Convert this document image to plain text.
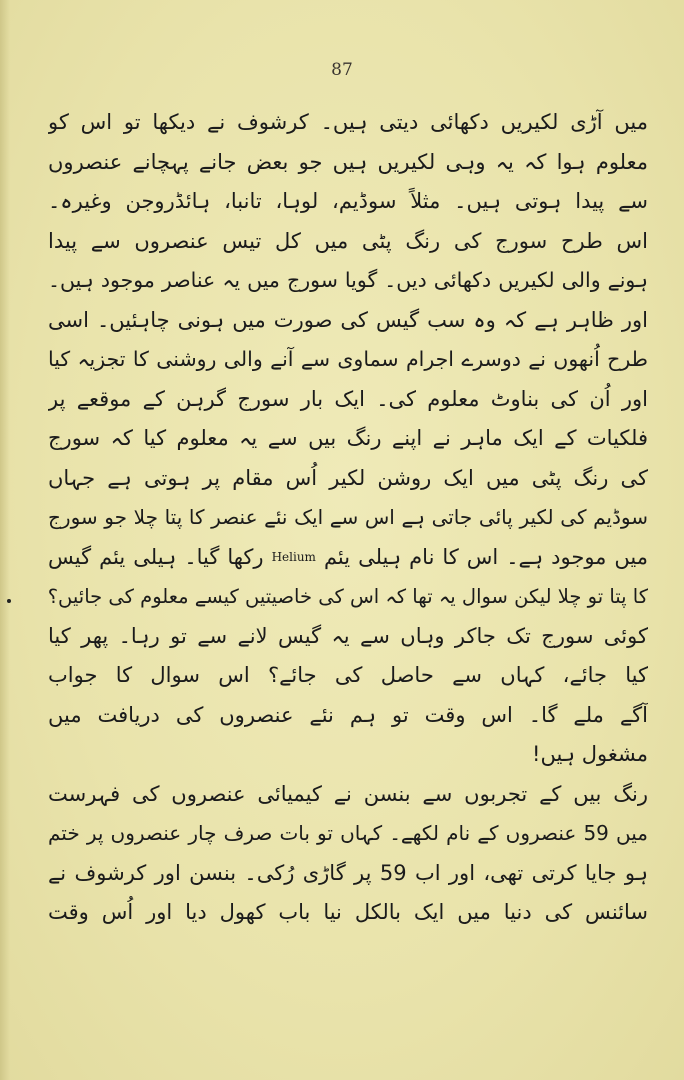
87
میں آڑی لکیریں دکھائی دیتی ہیں۔ کرشوف نے دیکھا تو اس کو
معلوم ہوا کہ یہ وہی لکیریں ہیں جو بعض جانے پہچانے عنصروں
سے پیدا ہوتی ہیں۔ مثلاً سوڈیم، لوہا، تانبا، ہائڈروجن وغیرہ۔
اس طرح سورج کی رنگ پٹی میں کل تیس عنصروں سے پیدا
ہونے والی لکیریں دکھائی دیں۔ گویا سورج میں یہ عناصر موجود ہیں۔
اور ظاہر ہے کہ وہ سب گیس کی صورت میں ہونی چاہئیں۔ اسی
طرح اُنھوں نے دوسرے اجرام سماوی سے آنے والی روشنی کا تجزیہ کیا
اور اُن کی بناوٹ معلوم کی۔ ایک بار سورج گرہن کے موقعے پر
فلکیات کے ایک ماہر نے اپنے رنگ بیں سے یہ معلوم کیا کہ سورج
کی رنگ پٹی میں ایک روشن لکیر اُس مقام پر ہوتی ہے جہاں
سوڈیم کی لکیر پائی جاتی ہے اس سے ایک نئے عنصر کا پتا چلا جو سورج
میں موجود ہے۔ اس کا نام ہیلی یئم Helium رکھا گیا۔ ہیلی یئم گیس
کا پتا تو چلا لیکن سوال یہ تھا کہ اس کی خاصیتیں کیسے معلوم کی جائیں؟
کوئی سورج تک جاکر وہاں سے یہ گیس لانے سے تو رہا۔ پھر کیا
کیا جائے، کہاں سے حاصل کی جائے؟ اس سوال کا جواب
آگے ملے گا۔ اس وقت تو ہم نئے عنصروں کی دریافت میں
مشغول ہیں!
رنگ بیں کے تجربوں سے بنسن نے کیمیائی عنصروں کی فہرست
میں 59 عنصروں کے نام لکھے۔ کہاں تو بات صرف چار عنصروں پر ختم
ہو جایا کرتی تھی، اور اب 59 پر گاڑی رُکی۔ بنسن اور کرشوف نے
سائنس کی دنیا میں ایک بالکل نیا باب کھول دیا اور اُس وقت
